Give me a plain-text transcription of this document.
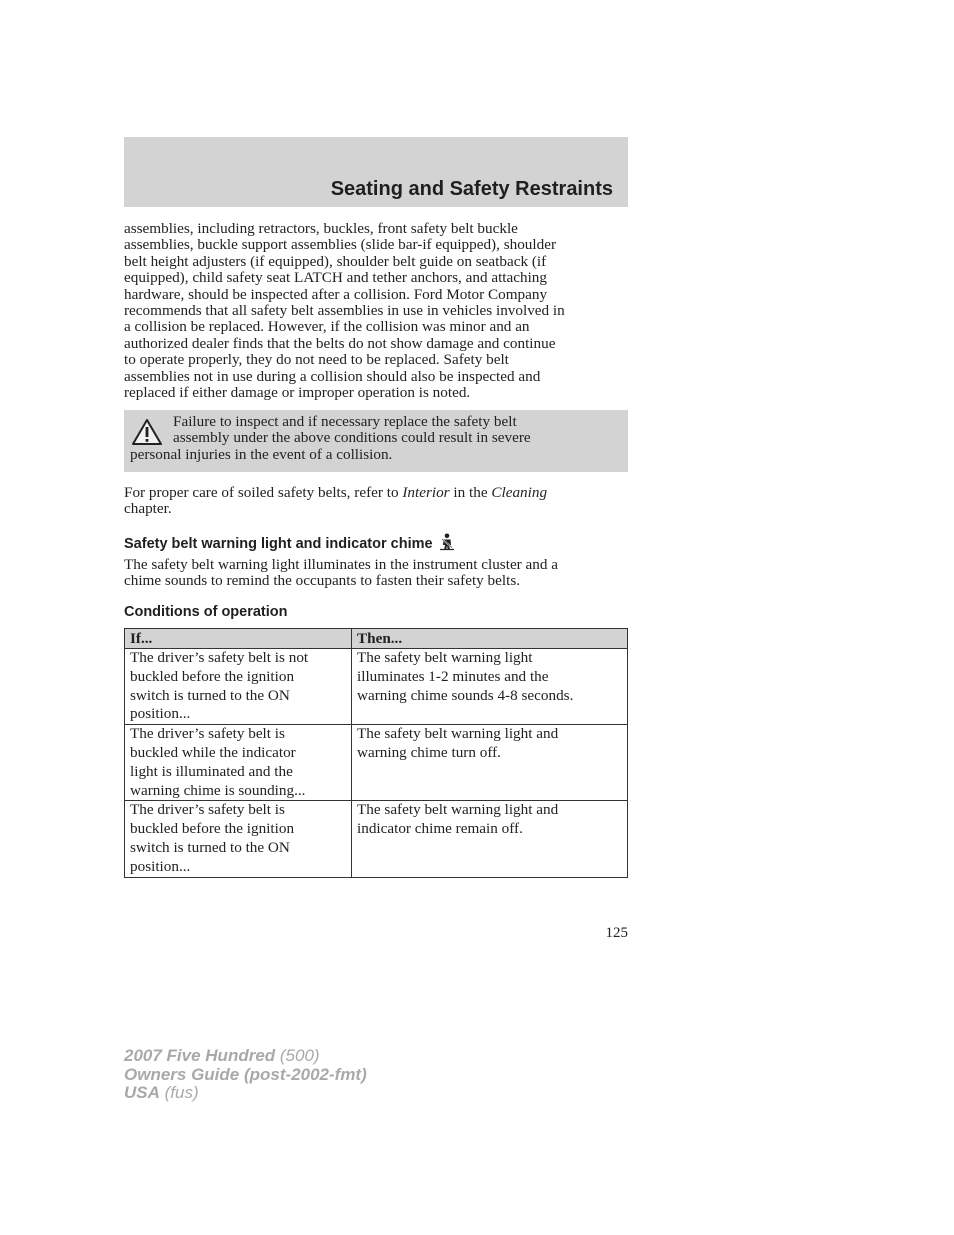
Seating and Safety Restraints

assemblies, including retractors, buckles, front safety belt buckle
assemblies, buckle support assemblies (slide bar-if equipped), shoulder
belt height adjusters (if equipped), shoulder belt guide on seatback (if
equipped), child safety seat LATCH and tether anchors, and attaching
hardware, should be inspected after a collision. Ford Motor Company
recommends that all safety belt assemblies in use in vehicles involved in
a collision be replaced. However, if the collision was minor and an
authorized dealer finds that the belts do not show damage and continue
to operate properly, they do not need to be replaced. Safety belt
assemblies not in use during a collision should also be inspected and
replaced if either damage or improper operation is noted.

Failure to inspect and if necessary replace the safety belt
assembly under the above conditions could result in severe
personal injuries in the event of a collision.

For proper care of soiled safety belts, refer to Interior in the Cleaning
chapter.

Safety belt warning light and indicator chime

The safety belt warning light illuminates in the instrument cluster and a
chime sounds to remind the occupants to fasten their safety belts.

Conditions of operation
If...	Then...
The driver’s safety belt is not
buckled before the ignition
switch is turned to the ON
position...	The safety belt warning light
illuminates 1-2 minutes and the
warning chime sounds 4-8 seconds.
The driver’s safety belt is
buckled while the indicator
light is illuminated and the
warning chime is sounding...	The safety belt warning light and
warning chime turn off.
The driver’s safety belt is
buckled before the ignition
switch is turned to the ON
position...	The safety belt warning light and
indicator chime remain off.
125
2007 Five Hundred (500)
Owners Guide (post-2002-fmt)
USA (fus)
